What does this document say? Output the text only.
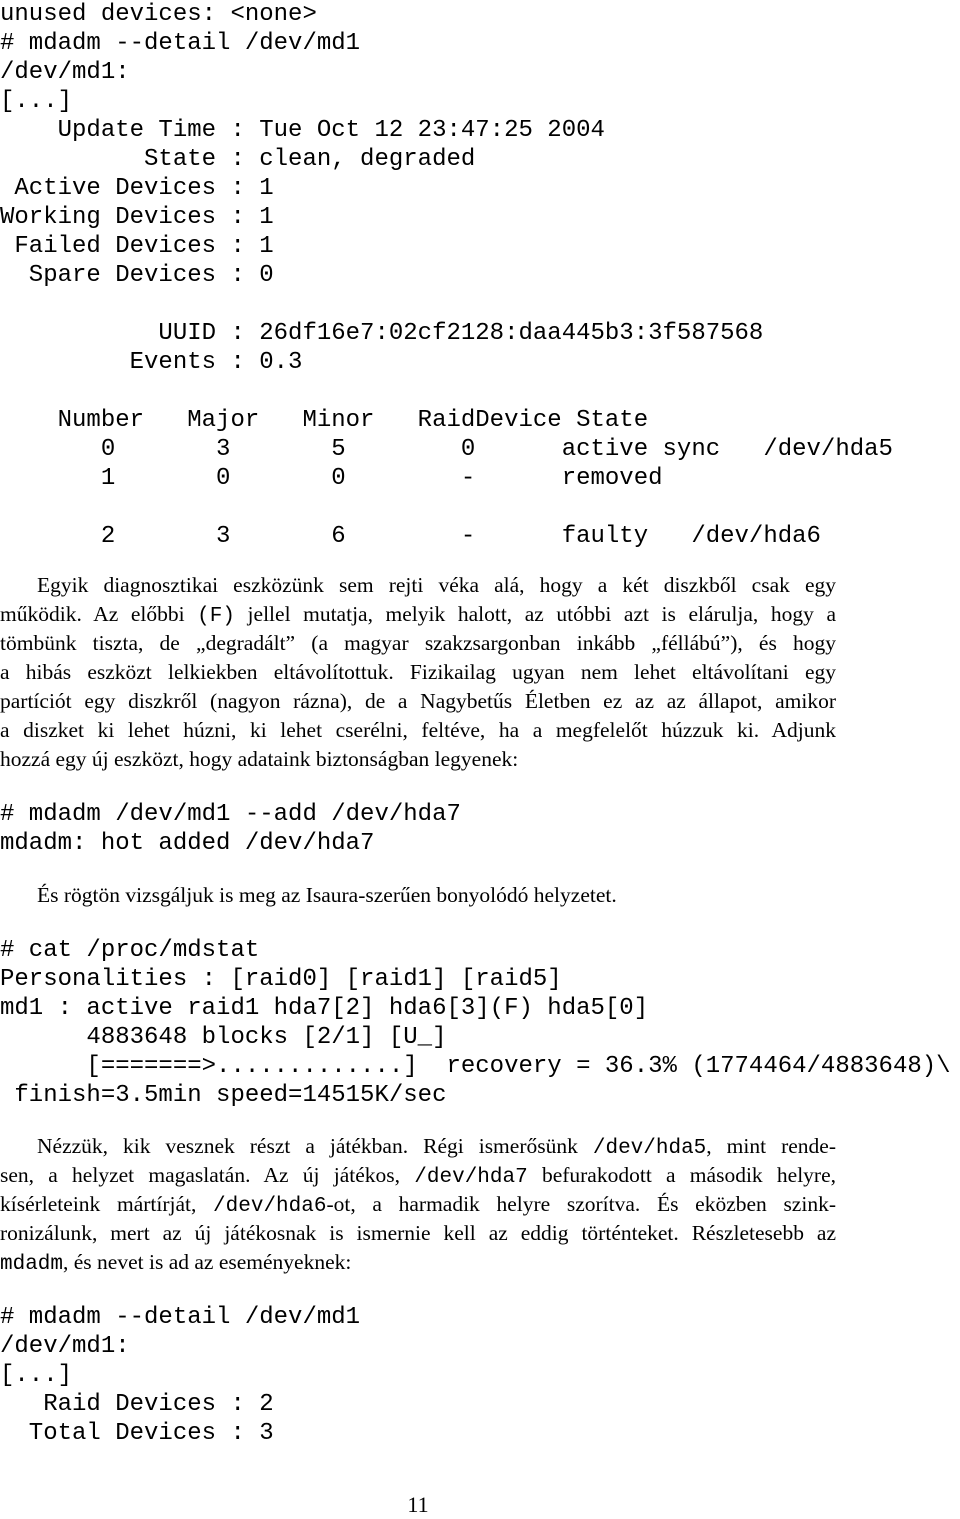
unused devices: <none>
# mdadm --detail /dev/md1
/dev/md1:
[...]
Update Time : Tue Oct 12 23:47:25 2004
State : clean, degraded
Active Devices : 1
Working Devices : 1
Failed Devices : 1
Spare Devices : 0
UUID : 26df16e7:02cf2128:daa445b3:3f587568
Events : 0.3
Number   Major   Minor   RaidDevice State
0       3       5        0      active sync   /dev/hda5
1       0       0        -      removed
2       3       6        -      faulty   /dev/hda6
Egyik diagnosztikai eszközünk sem rejti véka alá, hogy a két diszkből csak egy
működik. Az előbbi (F) jellel mutatja, melyik halott, az utóbbi azt is elárulja, hogy a
tömbünk tiszta, de „degradált” (a magyar szakzsargonban inkább „féllábú”), és hogy
a hibás eszközt lelkiekben eltávolítottuk. Fizikailag ugyan nem lehet eltávolítani egy
partíciót egy diszkről (nagyon rázna), de a Nagybetűs Életben ez az az állapot, amikor
a diszket ki lehet húzni, ki lehet cserélni, feltéve, ha a megfelelőt húzzuk ki. Adjunk
hozzá egy új eszközt, hogy adataink biztonságban legyenek:
# mdadm /dev/md1 --add /dev/hda7
mdadm: hot added /dev/hda7
És rögtön vizsgáljuk is meg az Isaura-szerűen bonyolódó helyzetet.
# cat /proc/mdstat
Personalities : [raid0] [raid1] [raid5]
md1 : active raid1 hda7[2] hda6[3](F) hda5[0]
4883648 blocks [2/1] [U_]
[=======>.............]  recovery = 36.3% (1774464/4883648)\
finish=3.5min speed=14515K/sec
Nézzük, kik vesznek részt a játékban. Régi ismerősünk /dev/hda5, mint rende-
sen, a helyzet magaslatán. Az új játékos, /dev/hda7 befurakodott a második helyre,
kísérleteink mártírját, /dev/hda6-ot, a harmadik helyre szorítva. És eközben szink-
ronizálunk, mert az új játékosnak is ismernie kell az eddig történteket. Részletesebb az
mdadm, és nevet is ad az eseményeknek:
# mdadm --detail /dev/md1
/dev/md1:
[...]
Raid Devices : 2
Total Devices : 3
11
